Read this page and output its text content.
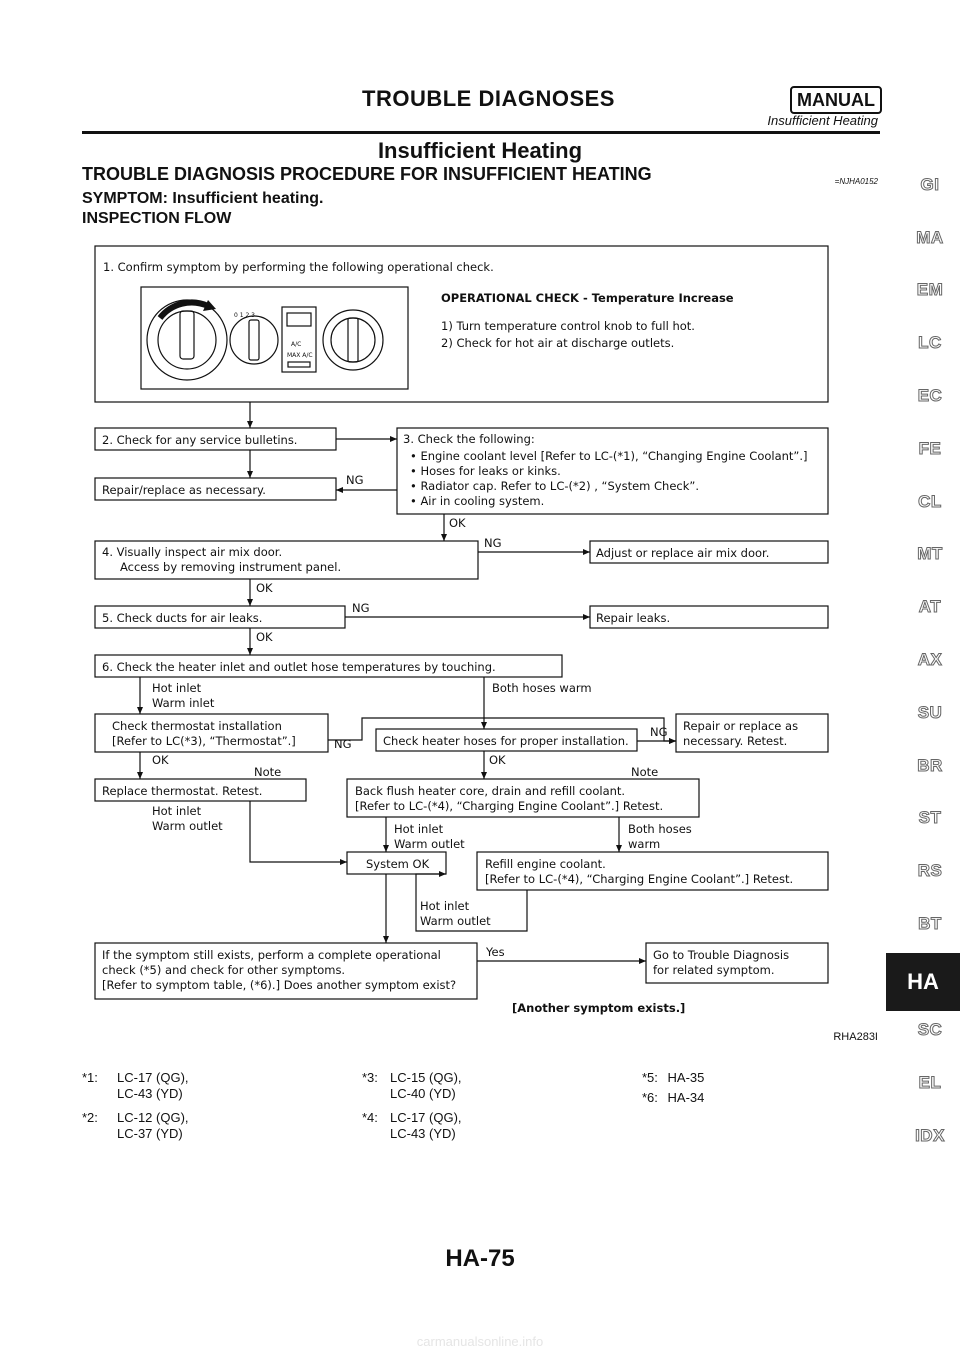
TROUBLE DIAGNOSES	MANUAL
Insufficient Heating
Insufficient Heating
TROUBLE DIAGNOSIS PROCEDURE FOR INSUFFICIENT HEATING	=NJHA0152
SYMPTOM: Insufficient heating.
INSPECTION FLOW
1. Confirm symptom by performing the following operational check.
0 1 2 3
A/C
MAX A/C
OPERATIONAL CHECK - Temperature Increase
1) Turn temperature control knob to full hot.
2) Check for hot air at discharge outlets.
2. Check for any service bulletins.	3. Check the following:
• Engine coolant level [Refer to LC-(*1), “Changing Engine Coolant”.]
• Hoses for leaks or kinks.
• Radiator cap. Refer to LC-(*2) , “System Check”.
• Air in cooling system.
Repair/replace as necessary.
NG
OK
4. Visually inspect air mix door.
Access by removing instrument panel.
NG
Adjust or replace air mix door.
OK
5. Check ducts for air leaks.
NG
Repair leaks.
OK
6. Check the heater inlet and outlet hose temperatures by touching.
Hot inlet
Warm inlet
Both hoses warm
Check thermostat installation
[Refer to LC(*3), “Thermostat”.]	NG	Check heater hoses for proper installation.
NG Repair or replace as
necessary. Retest.
OK
Note
OK
Note
Replace thermostat. Retest.
Hot inlet
Warm outlet
Back flush heater core, drain and refill coolant.
[Refer to LC-(*4), “Charging Engine Coolant”.] Retest.
Hot inlet
Warm outlet
Both hoses
warm
System OK	Refill engine coolant.
[Refer to LC-(*4), “Charging Engine Coolant”.] Retest.
Hot inlet
Warm outlet
If the symptom still exists, perform a complete operational
check (*5) and check for other symptoms.
[Refer to symptom table, (*6).] Does another symptom exist?
Yes	Go to Trouble Diagnosis
for related symptom.
[Another symptom exists.]
RHA283I
*1: LC-17 (QG),
LC-43 (YD)
*2: LC-12 (QG),
LC-37 (YD)
*3: LC-15 (QG),
LC-40 (YD)
*4: LC-17 (QG),
LC-43 (YD)
*5: HA-35
*6: HA-34
GI
MA
EM
LC
EC
FE
CL
MT
AT
AX
SU
BR
ST
RS
BT
HA
SC
EL
IDX
HA-75
carmanualsonline.info
